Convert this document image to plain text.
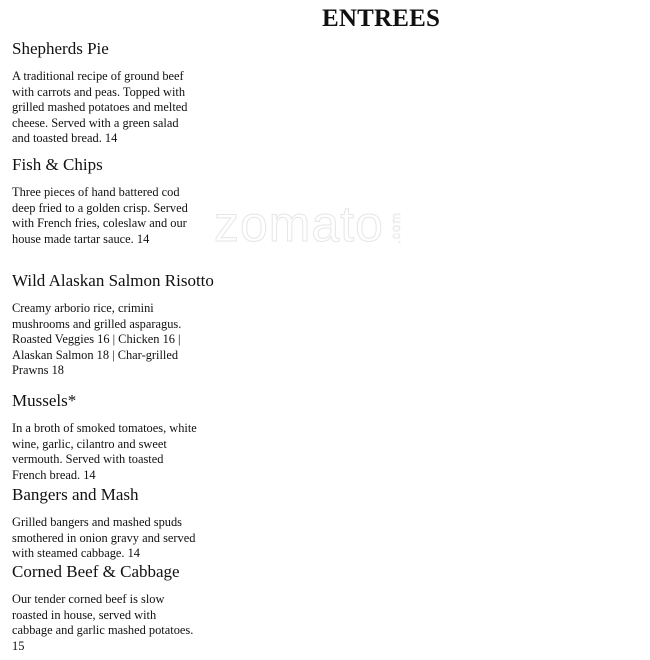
ENTREES
zomato .com
Shepherds Pie
A traditional recipe of ground beef
with carrots and peas. Topped with
grilled mashed potatoes and melted
cheese. Served with a green salad
and toasted bread. 14
Fish & Chips
Three pieces of hand battered cod
deep fried to a golden crisp. Served
with French fries, coleslaw and our
house made tartar sauce. 14
Wild Alaskan Salmon Risotto
Creamy arborio rice, crimini
mushrooms and grilled asparagus.
Roasted Veggies 16 | Chicken 16 |
Alaskan Salmon 18 | Char-grilled
Prawns 18
Mussels*
In a broth of smoked tomatoes, white
wine, garlic, cilantro and sweet
vermouth. Served with toasted
French bread. 14
Bangers and Mash
Grilled bangers and mashed spuds
smothered in onion gravy and served
with steamed cabbage. 14
Corned Beef & Cabbage
Our tender corned beef is slow
roasted in house, served with
cabbage and garlic mashed potatoes.
15
